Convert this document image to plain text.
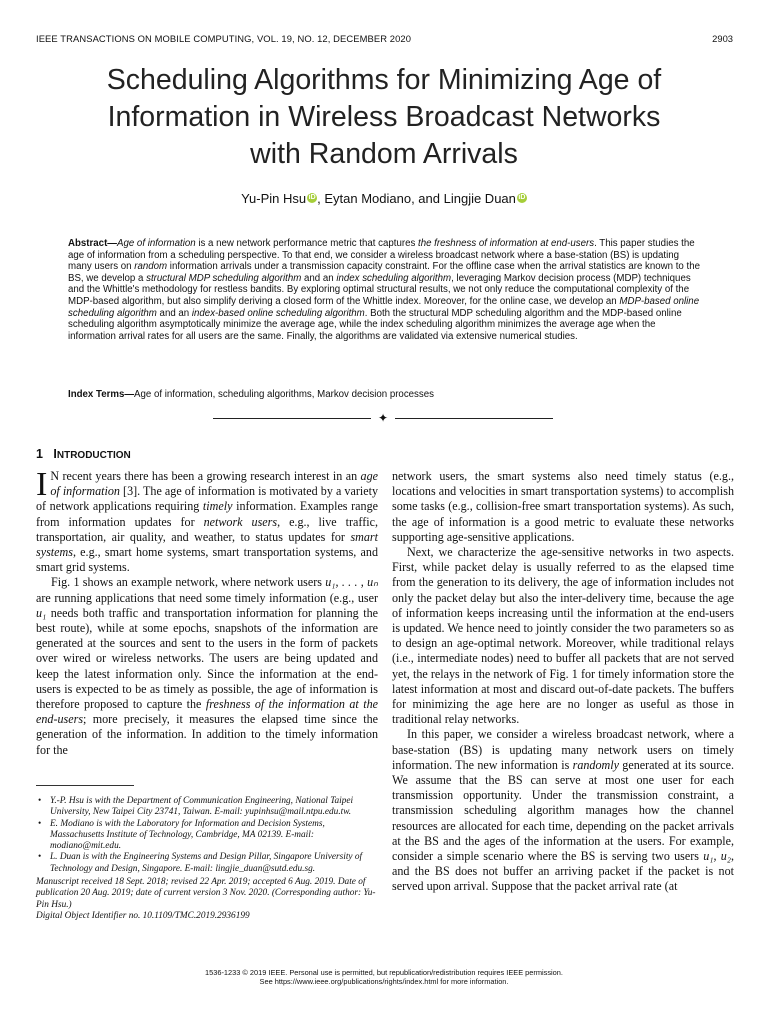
IEEE TRANSACTIONS ON MOBILE COMPUTING, VOL. 19, NO. 12, DECEMBER 2020	2903
Scheduling Algorithms for Minimizing Age of
Information in Wireless Broadcast Networks
with Random Arrivals
Yu-Pin Hsu iD , Eytan Modiano, and Lingjie Duan iD
Abstract—Age of information is a new network performance metric that captures the freshness of information at end-users. This paper studies the age of information from a scheduling perspective. To that end, we consider a wireless broadcast network where a base-station (BS) is updating many users on random information arrivals under a transmission capacity constraint. For the offline case when the arrival statistics are known to the BS, we develop a structural MDP scheduling algorithm and an index scheduling algorithm, leveraging Markov decision process (MDP) techniques and the Whittle's methodology for restless bandits. By exploring optimal structural results, we not only reduce the computational complexity of the MDP-based algorithm, but also simplify deriving a closed form of the Whittle index. Moreover, for the online case, we develop an MDP-based online scheduling algorithm and an index-based online scheduling algorithm. Both the structural MDP scheduling algorithm and the MDP-based online scheduling algorithm asymptotically minimize the average age, while the index scheduling algorithm minimizes the average age when the information arrival rates for all users are the same. Finally, the algorithms are validated via extensive numerical studies.
Index Terms—Age of information, scheduling algorithms, Markov decision processes
✦
1 INTRODUCTION

I N recent years there has been a growing research interest in an age of information [3]. The age of information is motivated by a variety of network applications requiring timely information. Examples range from information updates for network users, e.g., live traffic, transportation, air quality, and weather, to status updates for smart systems, e.g., smart home systems, smart transportation systems, and smart grid systems.

Fig. 1 shows an example network, where network users u₁, . . . , uₙ are running applications that need some timely information (e.g., user u₁ needs both traffic and transportation information for planning the best route), while at some epochs, snapshots of the information are generated at the sources and sent to the users in the form of packets over wired or wireless networks. The users are being updated and keep the latest information only. Since the information at the end-users is expected to be as timely as possible, the age of information is therefore proposed to capture the freshness of the information at the end-users; more precisely, it measures the elapsed time since the generation of the information. In addition to the timely information for the

network users, the smart systems also need timely status (e.g., locations and velocities in smart transportation systems) to accomplish some tasks (e.g., collision-free smart transportation systems). As such, the age of information is a good metric to evaluate these networks supporting age-sensitive applications.

Next, we characterize the age-sensitive networks in two aspects. First, while packet delay is usually referred to as the elapsed time from the generation to its delivery, the age of information includes not only the packet delay but also the inter-delivery time, because the age of information keeps increasing until the information at the end-users is updated. We hence need to jointly consider the two parameters so as to design an age-optimal network. Moreover, while traditional relays (i.e., intermediate nodes) need to buffer all packets that are not served yet, the relays in the network of Fig. 1 for timely information store the latest information at most and discard out-of-date packets. The buffers for minimizing the age here are no longer as useful as those in traditional relay networks.

In this paper, we consider a wireless broadcast network, where a base-station (BS) is updating many network users on timely information. The new information is randomly generated at its source. We assume that the BS can serve at most one user for each transmission opportunity. Under the transmission constraint, a transmission scheduling algorithm manages how the channel resources are allocated for each time, depending on the packet arrivals at the BS and the ages of the information at the users. For example, consider a simple scenario where the BS is serving two users u₁, u₂, and the BS does not buffer an arriving packet if the packet is not served upon arrival. Suppose that the packet arrival rate (at

• Y.-P. Hsu is with the Department of Communication Engineering, National Taipei University, New Taipei City 23741, Taiwan. E-mail: yupinhsu@mail.ntpu.edu.tw.
• E. Modiano is with the Laboratory for Information and Decision Systems, Massachusetts Institute of Technology, Cambridge, MA 02139. E-mail: modiano@mit.edu.
• L. Duan is with the Engineering Systems and Design Pillar, Singapore University of Technology and Design, Singapore. E-mail: lingjie_duan@sutd.edu.sg.
Manuscript received 18 Sept. 2018; revised 22 Apr. 2019; accepted 6 Aug. 2019. Date of publication 20 Aug. 2019; date of current version 3 Nov. 2020. (Corresponding author: Yu-Pin Hsu.)
Digital Object Identifier no. 10.1109/TMC.2019.2936199
1536-1233 © 2019 IEEE. Personal use is permitted, but republication/redistribution requires IEEE permission.
See https://www.ieee.org/publications/rights/index.html for more information.
